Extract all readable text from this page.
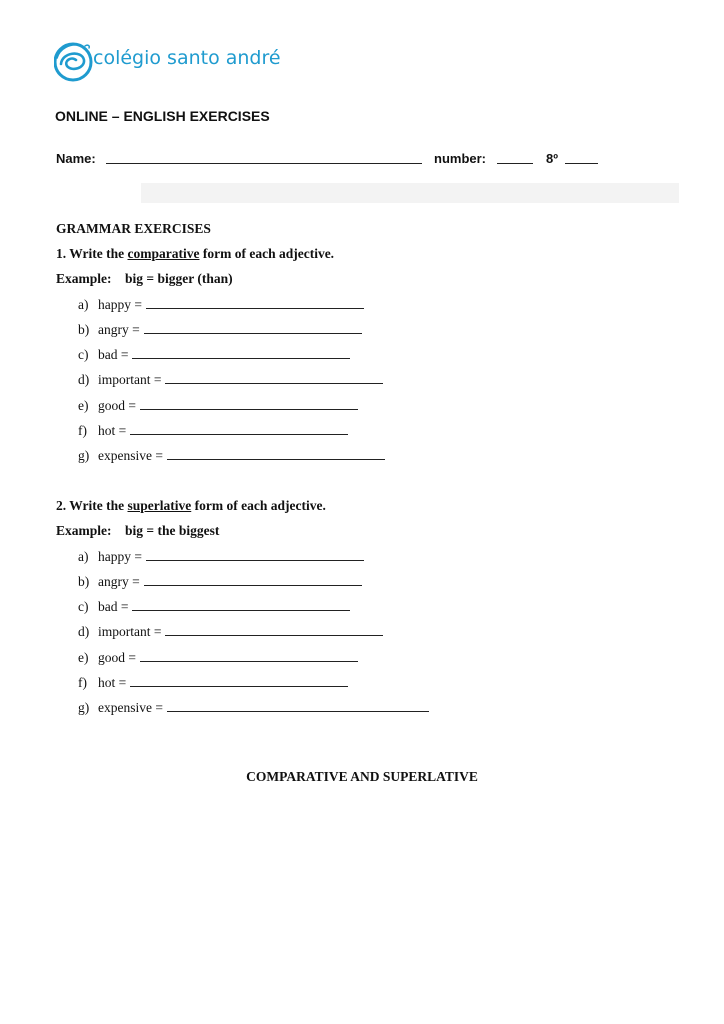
colégio santo andré
ONLINE – ENGLISH EXERCISES
Name:	number:	8º
GRAMMAR EXERCISES
1. Write the comparative form of each adjective.
Example: big = bigger (than)
a) happy =
b) angry =
c) bad =
d) important =
e) good =
f) hot =
g) expensive =
2. Write the superlative form of each adjective.
Example: big = the biggest
a) happy =
b) angry =
c) bad =
d) important =
e) good =
f) hot =
g) expensive =
COMPARATIVE AND SUPERLATIVE
